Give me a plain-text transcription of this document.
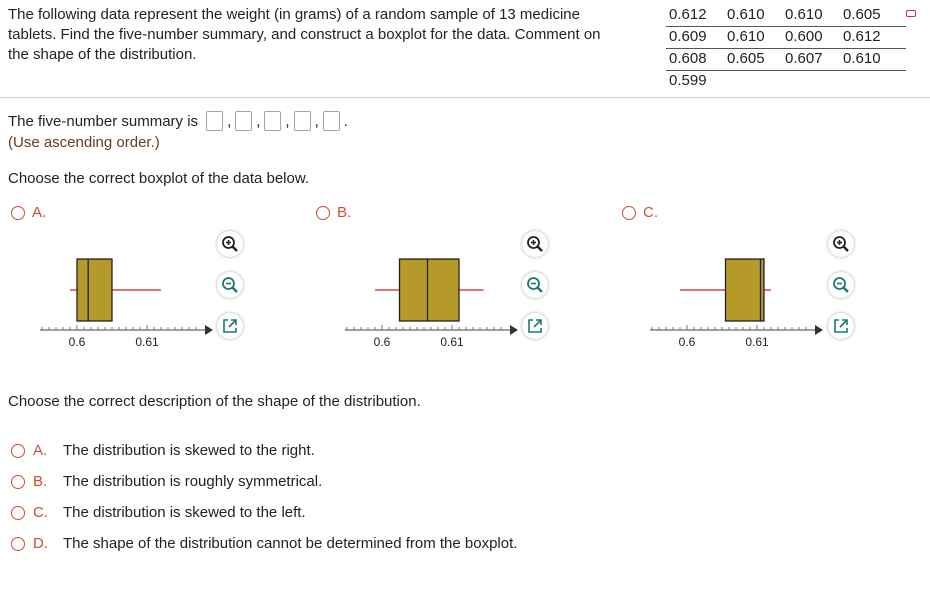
The following data represent the weight (in grams) of a random sample of 13 medicine
tablets. Find the five-number summary, and construct a boxplot for the data. Comment on
the shape of the distribution.
0.612	0.610	0.610	0.605
0.609	0.610	0.600	0.612
0.608	0.605	0.607	0.610
0.599
The five-number summary is , , , , .
(Use ascending order.)
Choose the correct boxplot of the data below.
A.	B.	C.
0.6	0.61	0.6	0.61	0.6	0.61
Choose the correct description of the shape of the distribution.
A.	The distribution is skewed to the right.
B.	The distribution is roughly symmetrical.
C.	The distribution is skewed to the left.
D.	The shape of the distribution cannot be determined from the boxplot.
